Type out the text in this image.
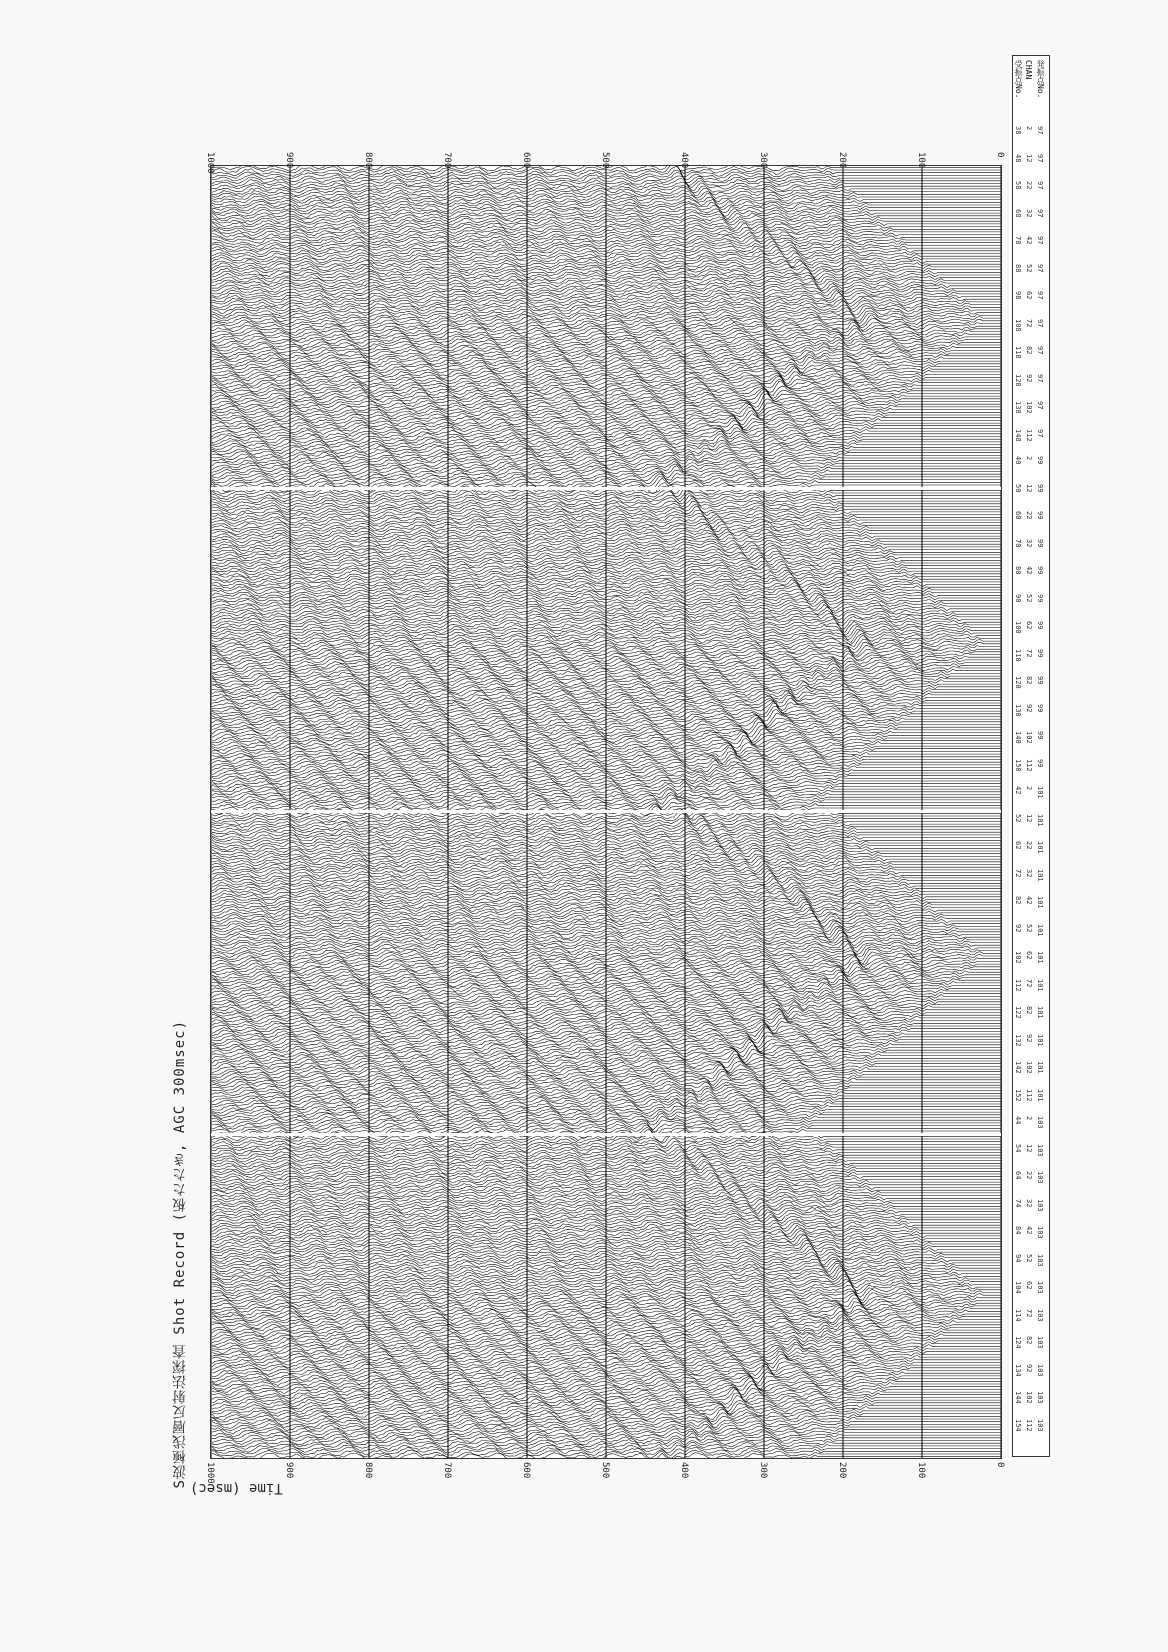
発振点No.
CHAN
受振点No.
97
2
38
97
12
48
97
22
58
97
32
68
97
42
78
97
52
88
97
62
98
97
72
108
97
82
118
97
92
128
97
102
138
97
112
148
99
2
40
99
12
50
99
22
60
99
32
70
99
42
80
99
52
90
99
62
100
99
72
110
99
82
120
99
92
130
99
102
140
99
112
150
101
2
42
101
12
52
101
22
62
101
32
72
101
42
82
101
52
92
101
62
102
101
72
112
101
82
122
101
92
132
101
102
142
101
112
152
103
2
44
103
12
54
103
22
64
103
32
74
103
42
84
103
52
94
103
62
104
103
72
114
103
82
124
103
92
134
103
102
144
103
112
154
0
0
100
100
200
200
300
300
400
400
500
500
600
600
700
700
800
800
900
900
1000
1000
Time (msec)
S波極浅層反射法探査 Shot Record (板たたき, AGC 300msec)
